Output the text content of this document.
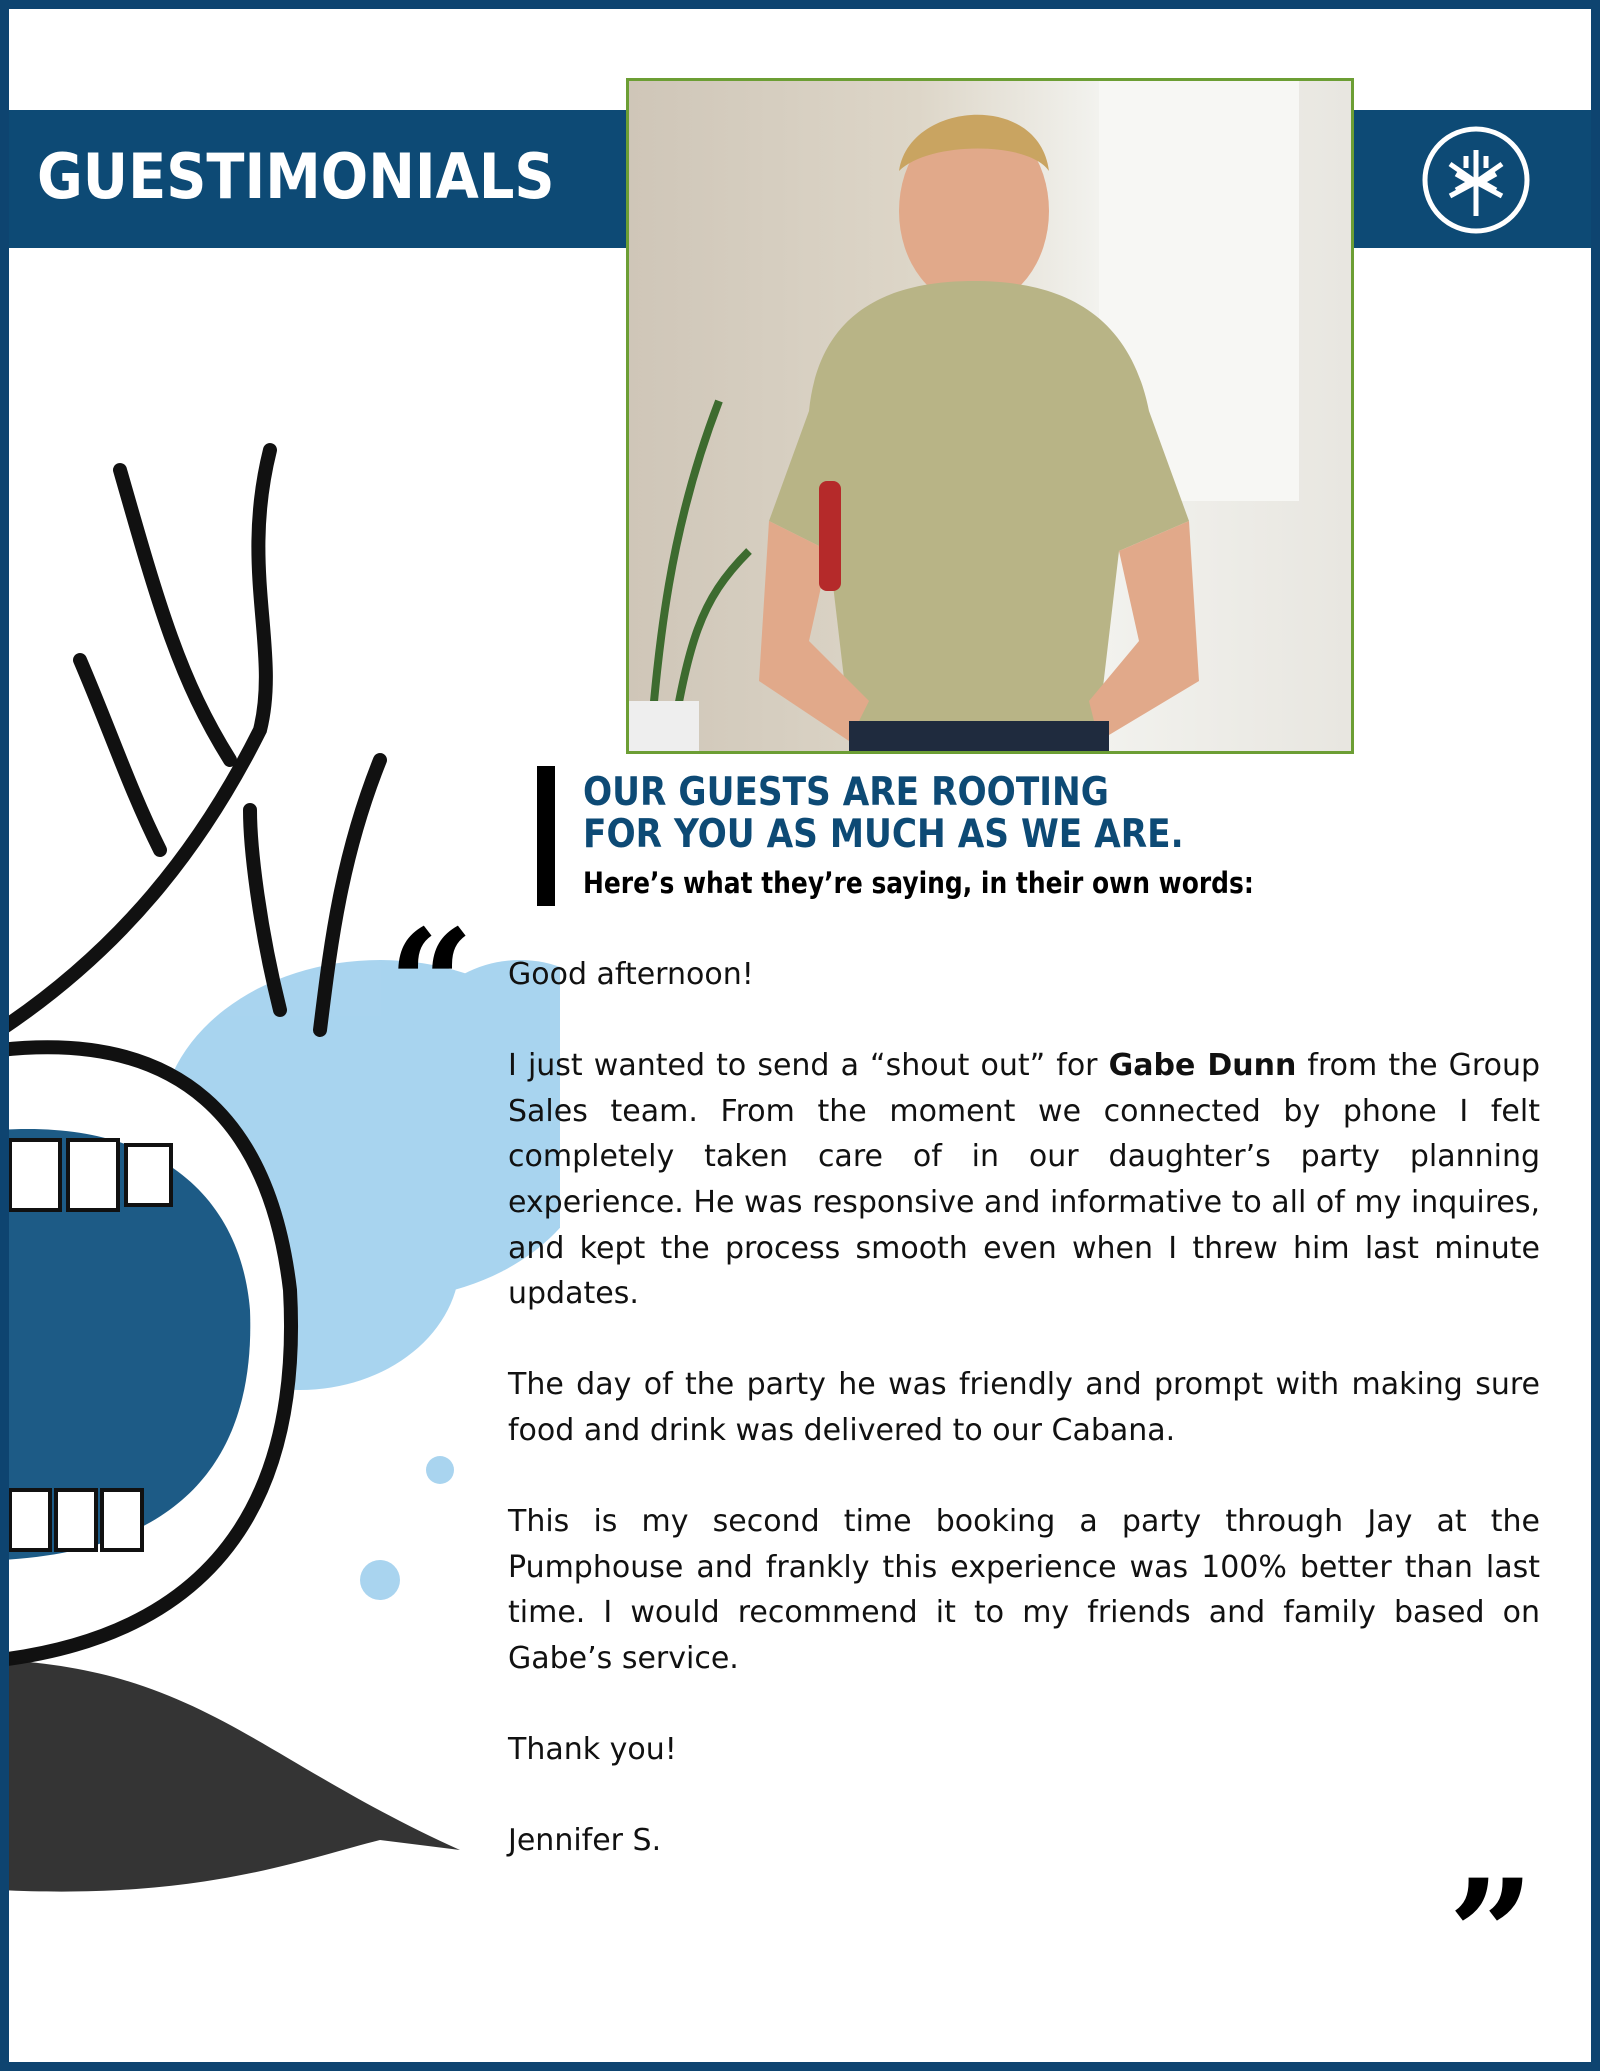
GUESTIMONIALS
OUR GUESTS ARE ROOTING
FOR YOU AS MUCH AS WE ARE.
Here’s what they’re saying, in their own words:
“ Good afternoon!

I just wanted to send a “shout out” for Gabe Dunn from the Group Sales team. From the moment we connected by phone I felt completely taken care of in our daughter’s party planning experience. He was responsive and informative to all of my inquires, and kept the process smooth even when I threw him last minute updates.

The day of the party he was friendly and prompt with making sure food and drink was delivered to our Cabana.

This is my second time booking a party through Jay at the Pumphouse and frankly this experience was 100% better than last time. I would recommend it to my friends and family based on Gabe’s service.

Thank you!

Jennifer S.

”
